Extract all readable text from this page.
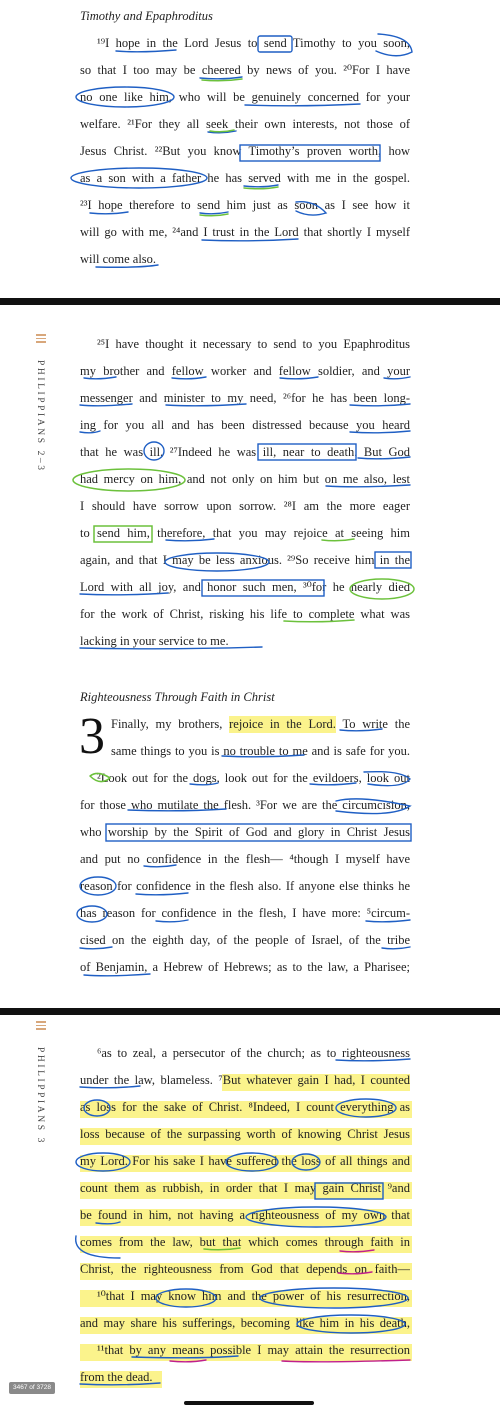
Timothy and Epaphroditus
¹⁹I hope in the Lord Jesus to send Timothy to you soon,
so that I too may be cheered by news of you. ²⁰For I have
no one like him, who will be genuinely concerned for your
welfare. ²¹For they all seek their own interests, not those of
Jesus Christ. ²²But you know Timothy’s proven worth, how
as a son with a father he has served with me in the gospel.
²³I hope therefore to send him just as soon as I see how it
will go with me, ²⁴and I trust in the Lord that shortly I myself
will come also.
PHILIPPIANS 2–3
²⁵I have thought it necessary to send to you Epaphroditus
my brother and fellow worker and fellow soldier, and your
messenger and minister to my need, ²⁶for he has been long-
ing for you all and has been distressed because you heard
that he was ill. ²⁷Indeed he was ill, near to death. But God
had mercy on him, and not only on him but on me also, lest
I should have sorrow upon sorrow. ²⁸I am the more eager
to send him, therefore, that you may rejoice at seeing him
again, and that I may be less anxious. ²⁹So receive him in the
Lord with all joy, and honor such men, ³⁰for he nearly died
for the work of Christ, risking his life to complete what was
lacking in your service to me.
Righteousness Through Faith in Christ
3 Finally, my brothers, rejoice in the Lord. To write the
same things to you is no trouble to me and is safe for you.
²Look out for the dogs, look out for the evildoers, look out
for those who mutilate the flesh. ³For we are the circumcision,
who worship by the Spirit of God and glory in Christ Jesus
and put no confidence in the flesh— ⁴though I myself have
reason for confidence in the flesh also. If anyone else thinks he
has reason for confidence in the flesh, I have more: ⁵circum-
cised on the eighth day, of the people of Israel, of the tribe
of Benjamin, a Hebrew of Hebrews; as to the law, a Pharisee;
PHILIPPIANS 3	⁶as to zeal, a persecutor of the church; as to righteousness
under the law, blameless. ⁷But whatever gain I had, I counted
as loss for the sake of Christ. ⁸Indeed, I count everything as
loss because of the surpassing worth of knowing Christ Jesus
my Lord. For his sake I have suffered the loss of all things and
count them as rubbish, in order that I may gain Christ ⁹and
be found in him, not having a righteousness of my own that
comes from the law, but that which comes through faith in
Christ, the righteousness from God that depends on faith—
¹⁰that I may know him and the power of his resurrection,
and may share his sufferings, becoming like him in his death,
¹¹that by any means possible I may attain the resurrection
from the dead.
3467 of 3728
